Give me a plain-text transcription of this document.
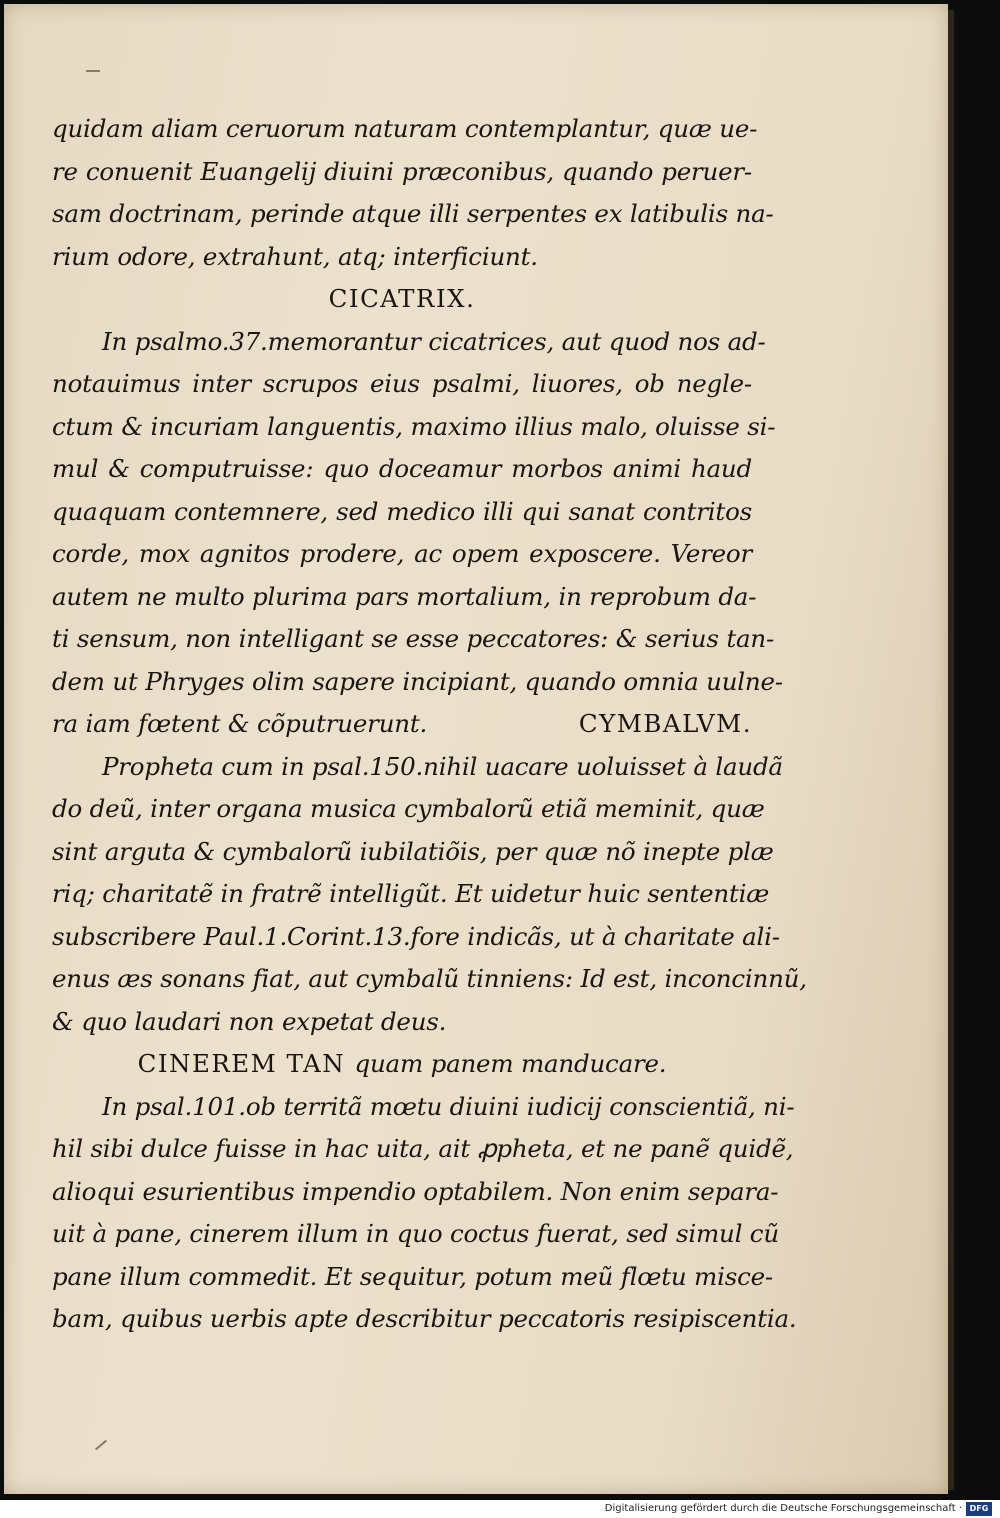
quidam aliam ceruorum naturam contemplantur, quæ ue-
re conuenit Euangelij diuini præconibus, quando peruer-
sam doctrinam, perinde atque illi serpentes ex latibulis na-
rium odore, extrahunt, atq; interficiunt.
CICATRIX.
In psalmo.37.memorantur cicatrices, aut quod nos ad-
notauimus inter scrupos eius psalmi, liuores, ob negle-
ctum & incuriam languentis, maximo illius malo, oluisse si-
mul & computruisse: quo doceamur morbos animi haud
quaquam contemnere, sed medico illi qui sanat contritos
corde, mox agnitos prodere, ac opem exposcere. Vereor
autem ne multo plurima pars mortalium, in reprobum da-
ti sensum, non intelligant se esse peccatores: & serius tan-
dem ut Phryges olim sapere incipiant, quando omnia uulne-
ra iam fœtent & cõputruerunt.	CYMBALVM.
Propheta cum in psal.150.nihil uacare uoluisset à laudã
do deũ, inter organa musica cymbalorũ etiã meminit, quæ
sint arguta & cymbalorũ iubilatiõis, per quæ nõ inepte plæ
riq; charitatẽ in fratrẽ intelligũt. Et uidetur huic sententiæ
subscribere Paul.1.Corint.13.fore indicãs, ut à charitate ali-
enus æs sonans fiat, aut cymbalũ tinniens: Id est, inconcinnũ,
& quo laudari non expetat deus.
CINEREM TAN quam panem manducare.
In psal.101.ob territã mœtu diuini iudicij conscientiã, ni-
hil sibi dulce fuisse in hac uita, ait ꝓpheta, et ne panẽ quidẽ,
alioqui esurientibus impendio optabilem. Non enim separa-
uit à pane, cinerem illum in quo coctus fuerat, sed simul cũ
pane illum commedit. Et sequitur, potum meũ flœtu misce-
bam, quibus uerbis apte describitur peccatoris resipiscentia.
Digitalisierung gefördert durch die Deutsche Forschungsgemeinschaft · DFG
